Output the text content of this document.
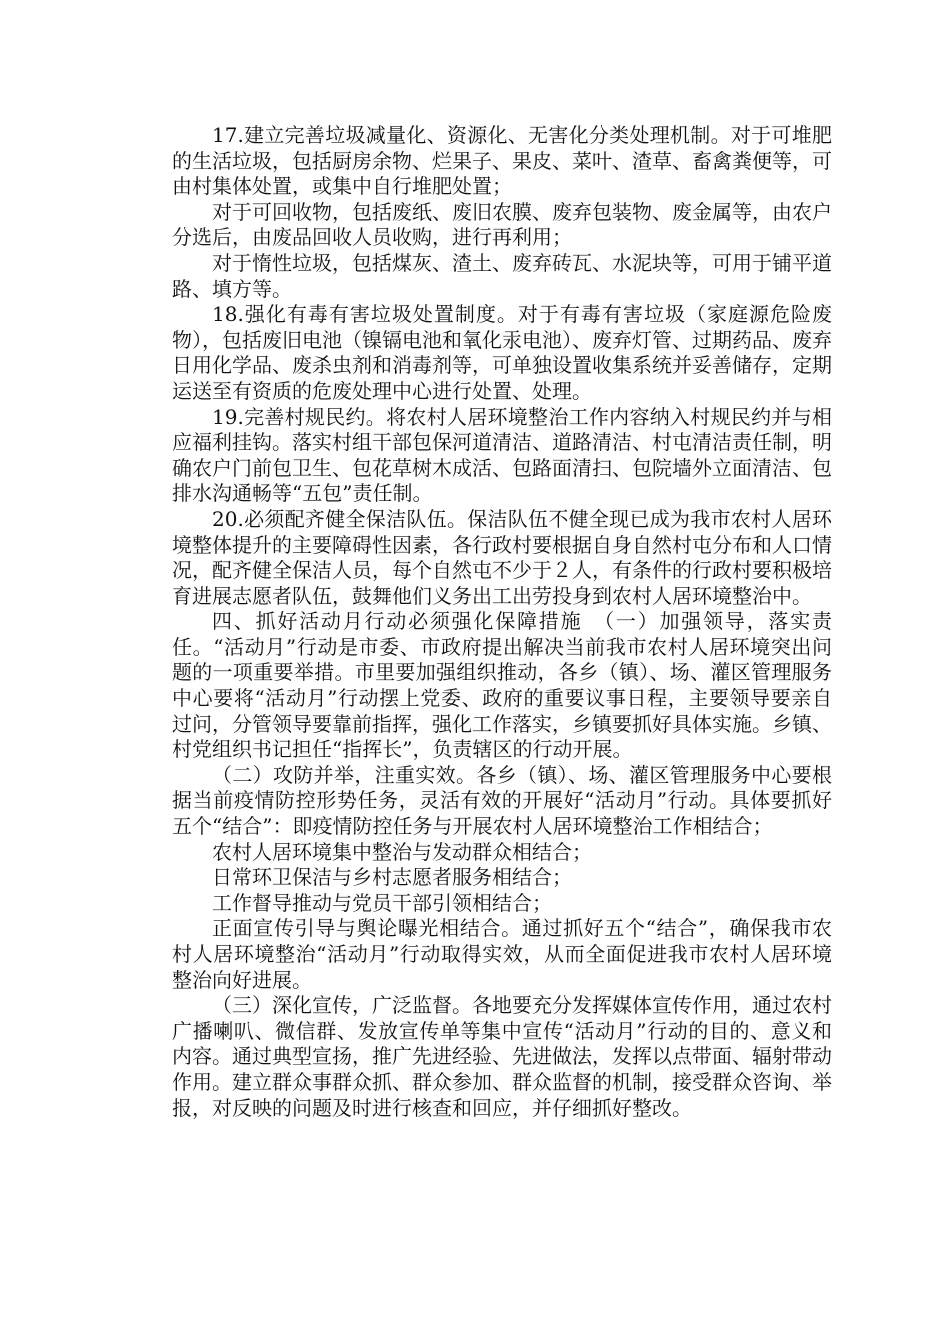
17.建立完善垃圾减量化、资源化、无害化分类处理机制。对于可堆肥的生活垃圾，包括厨房余物、烂果子、果皮、菜叶、渣草、畜禽粪便等，可由村集体处置，或集中自行堆肥处置；

对于可回收物，包括废纸、废旧农膜、废弃包装物、废金属等，由农户分选后，由废品回收人员收购，进行再利用；

对于惰性垃圾，包括煤灰、渣土、废弃砖瓦、水泥块等，可用于铺平道路、填方等。

18.强化有毒有害垃圾处置制度。对于有毒有害垃圾（家庭源危险废物），包括废旧电池（镍镉电池和氧化汞电池）、废弃灯管、过期药品、废弃日用化学品、废杀虫剂和消毒剂等，可单独设置收集系统并妥善储存，定期运送至有资质的危废处理中心进行处置、处理。

19.完善村规民约。将农村人居环境整治工作内容纳入村规民约并与相应福利挂钩。落实村组干部包保河道清洁、道路清洁、村屯清洁责任制，明确农户门前包卫生、包花草树木成活、包路面清扫、包院墙外立面清洁、包排水沟通畅等“五包”责任制。

20.必须配齐健全保洁队伍。保洁队伍不健全现已成为我市农村人居环境整体提升的主要障碍性因素，各行政村要根据自身自然村屯分布和人口情况，配齐健全保洁人员，每个自然屯不少于２人，有条件的行政村要积极培育进展志愿者队伍，鼓舞他们义务出工出劳投身到农村人居环境整治中。

四、抓好活动月行动必须强化保障措施　（一）加强领导，落实责任。“活动月”行动是市委、市政府提出解决当前我市农村人居环境突出问题的一项重要举措。市里要加强组织推动，各乡（镇）、场、灌区管理服务中心要将“活动月”行动摆上党委、政府的重要议事日程，主要领导要亲自过问，分管领导要靠前指挥，强化工作落实，乡镇要抓好具体实施。乡镇、村党组织书记担任“指挥长”，负责辖区的行动开展。

（二）攻防并举，注重实效。各乡（镇）、场、灌区管理服务中心要根据当前疫情防控形势任务，灵活有效的开展好“活动月”行动。具体要抓好五个“结合”：即疫情防控任务与开展农村人居环境整治工作相结合；

农村人居环境集中整治与发动群众相结合；

日常环卫保洁与乡村志愿者服务相结合；

工作督导推动与党员干部引领相结合；

正面宣传引导与舆论曝光相结合。通过抓好五个“结合”，确保我市农村人居环境整治“活动月”行动取得实效，从而全面促进我市农村人居环境整治向好进展。

（三）深化宣传，广泛监督。各地要充分发挥媒体宣传作用，通过农村广播喇叭、微信群、发放宣传单等集中宣传“活动月”行动的目的、意义和内容。通过典型宣扬，推广先进经验、先进做法，发挥以点带面、辐射带动作用。建立群众事群众抓、群众参加、群众监督的机制，接受群众咨询、举报，对反映的问题及时进行核查和回应，并仔细抓好整改。
